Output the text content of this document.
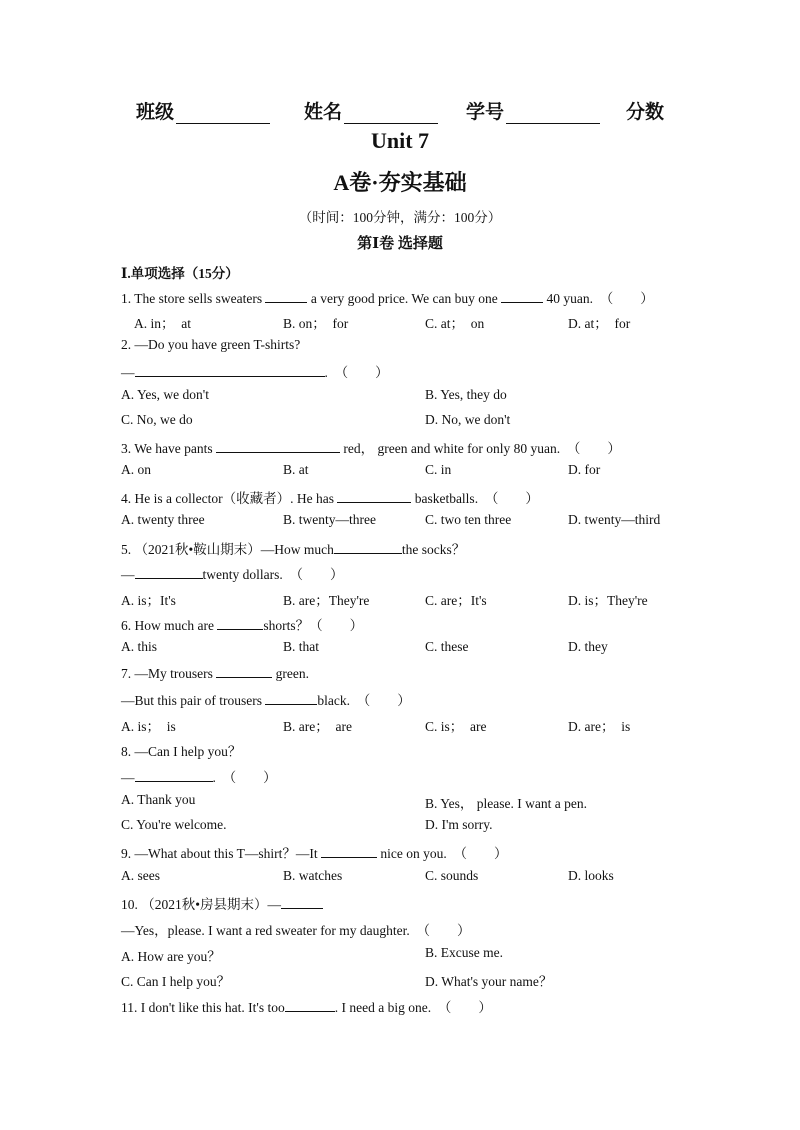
班级	姓名	学号	分数
Unit 7
A卷·夯实基础
（时间：100分钟，满分：100分）
第Ⅰ卷 选择题
Ⅰ.单项选择（15分）
1. The store sells sweaters	a very good price. We can buy one	40 yuan.　（　　）
A. in；　at	B. on；　for	C. at；　on	D. at；　for
2. —Do you have green T-shirts?
—	.　（　　）
A. Yes, we don't	B. Yes, they do
C. No, we do	D. No, we don't
3. We have pants	red， green and white for only 80 yuan.　（　　）
A. on	B. at	C. in	D. for
4. He is a collector（收藏者）. He has	basketballs.　（　　）
A. twenty three	B. twenty—three	C. two ten three	D. twenty—third
5. （2021秋•鞍山期末）—How much	the socks？
—	twenty dollars.　（　　）
A. is；It's	B. are；They're	C. are；It's	D. is；They're
6. How much are	shorts？（　　）
A. this	B. that	C. these	D. they
7. —My trousers	green.
—But this pair of trousers	black.　（　　）
A. is；　is	B. are；　are	C. is；　are	D. are；　is
8. —Can I help you？
—	.　（　　）
A. Thank you	B. Yes， please. I want a pen.
C. You're welcome.	D. I'm sorry.
9. —What about this T—shirt？—It	nice on you.　（　　）
A. sees	B. watches	C. sounds	D. looks
10. （2021秋•房县期末）—
—Yes，please. I want a red sweater for my daughter.　（　　）
A. How are you？	B. Excuse me.
C. Can I help you？	D. What's your name？
11. I don't like this hat. It's too	. I need a big one.　（　　）
